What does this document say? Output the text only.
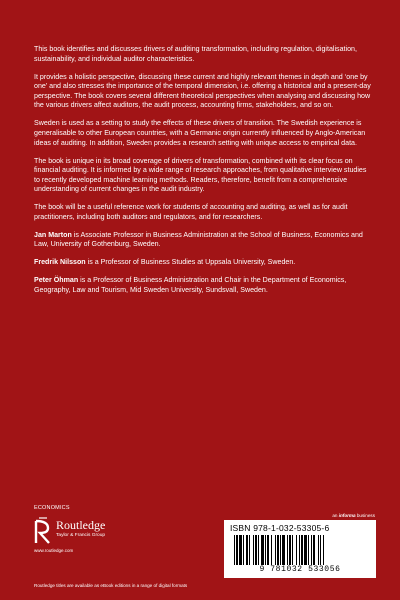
This book identifies and discusses drivers of auditing transformation, including regulation, digitalisation, sustainability, and individual auditor characteristics.

It provides a holistic perspective, discussing these current and highly relevant themes in depth and ‘one by one’ and also stresses the importance of the temporal dimension, i.e. offering a historical and a present-day perspective. The book covers several different theoretical perspectives when analysing and discussing how the various drivers affect auditors, the audit process, accounting firms, stakeholders, and so on.

Sweden is used as a setting to study the effects of these drivers of transition. The Swedish experience is generalisable to other European countries, with a Germanic origin currently influenced by Anglo-American ideas of auditing. In addition, Sweden provides a research setting with unique access to empirical data.

The book is unique in its broad coverage of drivers of transformation, combined with its clear focus on financial auditing. It is informed by a wide range of research approaches, from qualitative interview studies to recently developed machine learning methods. Readers, therefore, benefit from a comprehensive understanding of current changes in the audit industry.

The book will be a useful reference work for students of accounting and auditing, as well as for audit practitioners, including both auditors and regulators, and for researchers.

Jan Marton is Associate Professor in Business Administration at the School of Business, Economics and Law, University of Gothenburg, Sweden.

Fredrik Nilsson is a Professor of Business Studies at Uppsala University, Sweden.

Peter Öhman is a Professor of Business Administration and Chair in the Department of Economics, Geography, Law and Tourism, Mid Sweden University, Sundsvall, Sweden.

ECONOMICS
Routledge
Taylor & Francis Group
www.routledge.com
an informa business
ISBN 978-1-032-53305-6
9 781032 533056
Routledge titles are available as eBook editions in a range of digital formats
